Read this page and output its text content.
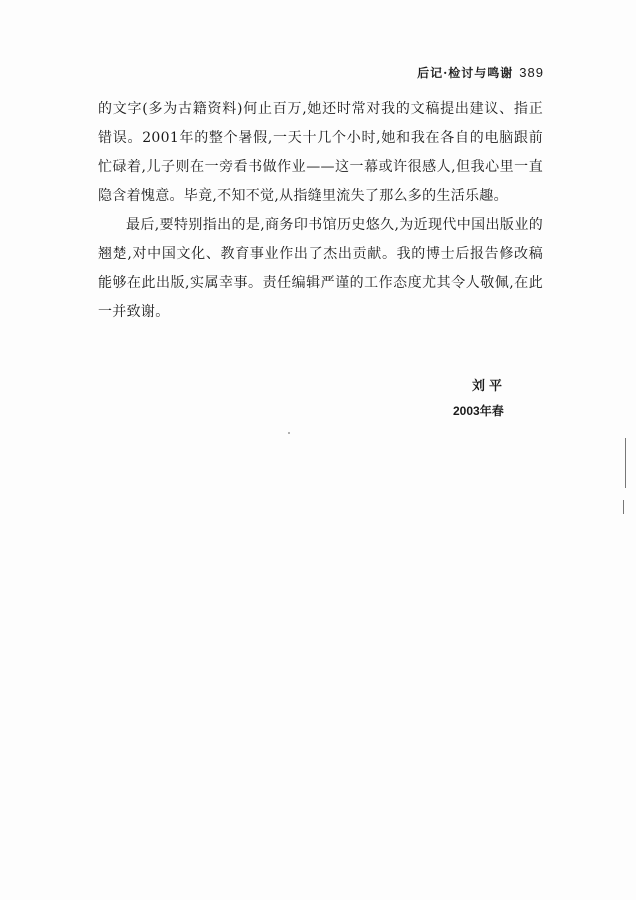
后记·检讨与鸣谢 389

的文字(多为古籍资料)何止百万,她还时常对我的文稿提出建议、指正错误。2001年的整个暑假,一天十几个小时,她和我在各自的电脑跟前忙碌着,儿子则在一旁看书做作业——这一幕或许很感人,但我心里一直隐含着愧意。毕竟,不知不觉,从指缝里流失了那么多的生活乐趣。

最后,要特别指出的是,商务印书馆历史悠久,为近现代中国出版业的翘楚,对中国文化、教育事业作出了杰出贡献。我的博士后报告修改稿能够在此出版,实属幸事。责任编辑严谨的工作态度尤其令人敬佩,在此一并致谢。

刘平
2003年春
